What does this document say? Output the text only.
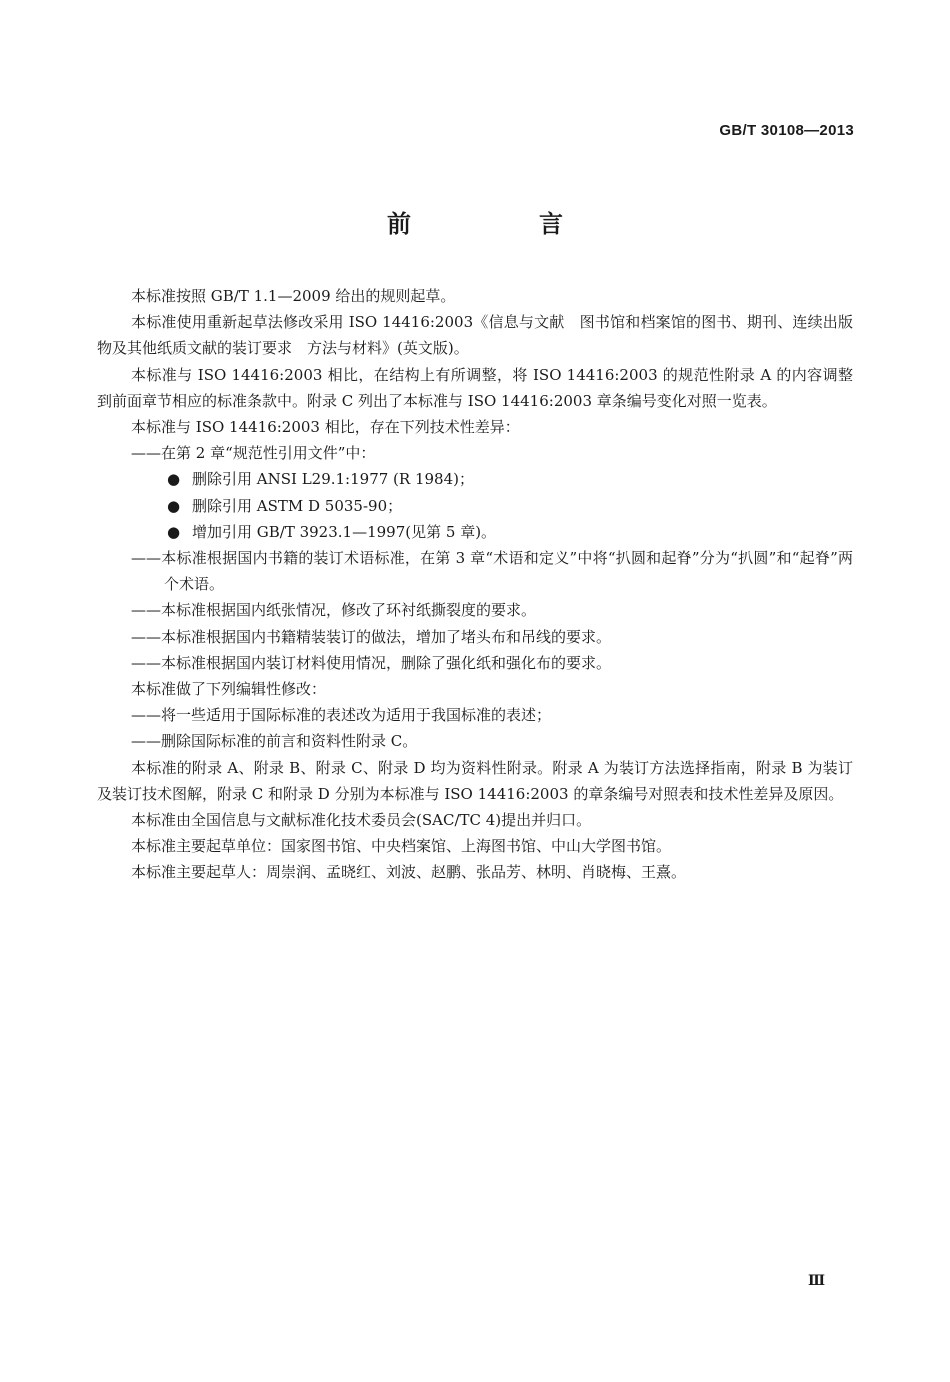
GB/T 30108—2013
前　言

本标准按照 GB/T 1.1—2009 给出的规则起草。

本标准使用重新起草法修改采用 ISO 14416:2003《信息与文献　图书馆和档案馆的图书、期刊、连续出版物及其他纸质文献的装订要求　方法与材料》(英文版)。

本标准与 ISO 14416:2003 相比，在结构上有所调整，将 ISO 14416:2003 的规范性附录 A 的内容调整到前面章节相应的标准条款中。附录 C 列出了本标准与 ISO 14416:2003 章条编号变化对照一览表。

本标准与 ISO 14416:2003 相比，存在下列技术性差异：

——在第 2 章“规范性引用文件”中：

● 删除引用 ANSI L29.1:1977 (R 1984)；
● 删除引用 ASTM D 5035-90；
● 增加引用 GB/T 3923.1—1997(见第 5 章)。

——本标准根据国内书籍的装订术语标准，在第 3 章“术语和定义”中将“扒圆和起脊”分为“扒圆”和“起脊”两个术语。

——本标准根据国内纸张情况，修改了环衬纸撕裂度的要求。

——本标准根据国内书籍精装装订的做法，增加了堵头布和吊线的要求。

——本标准根据国内装订材料使用情况，删除了强化纸和强化布的要求。

本标准做了下列编辑性修改：

——将一些适用于国际标准的表述改为适用于我国标准的表述；

——删除国际标准的前言和资料性附录 C。

本标准的附录 A、附录 B、附录 C、附录 D 均为资料性附录。附录 A 为装订方法选择指南，附录 B 为装订及装订技术图解，附录 C 和附录 D 分别为本标准与 ISO 14416:2003 的章条编号对照表和技术性差异及原因。

本标准由全国信息与文献标准化技术委员会(SAC/TC 4)提出并归口。

本标准主要起草单位：国家图书馆、中央档案馆、上海图书馆、中山大学图书馆。

本标准主要起草人：周崇润、孟晓红、刘波、赵鹏、张品芳、林明、肖晓梅、王熹。

Ⅲ
